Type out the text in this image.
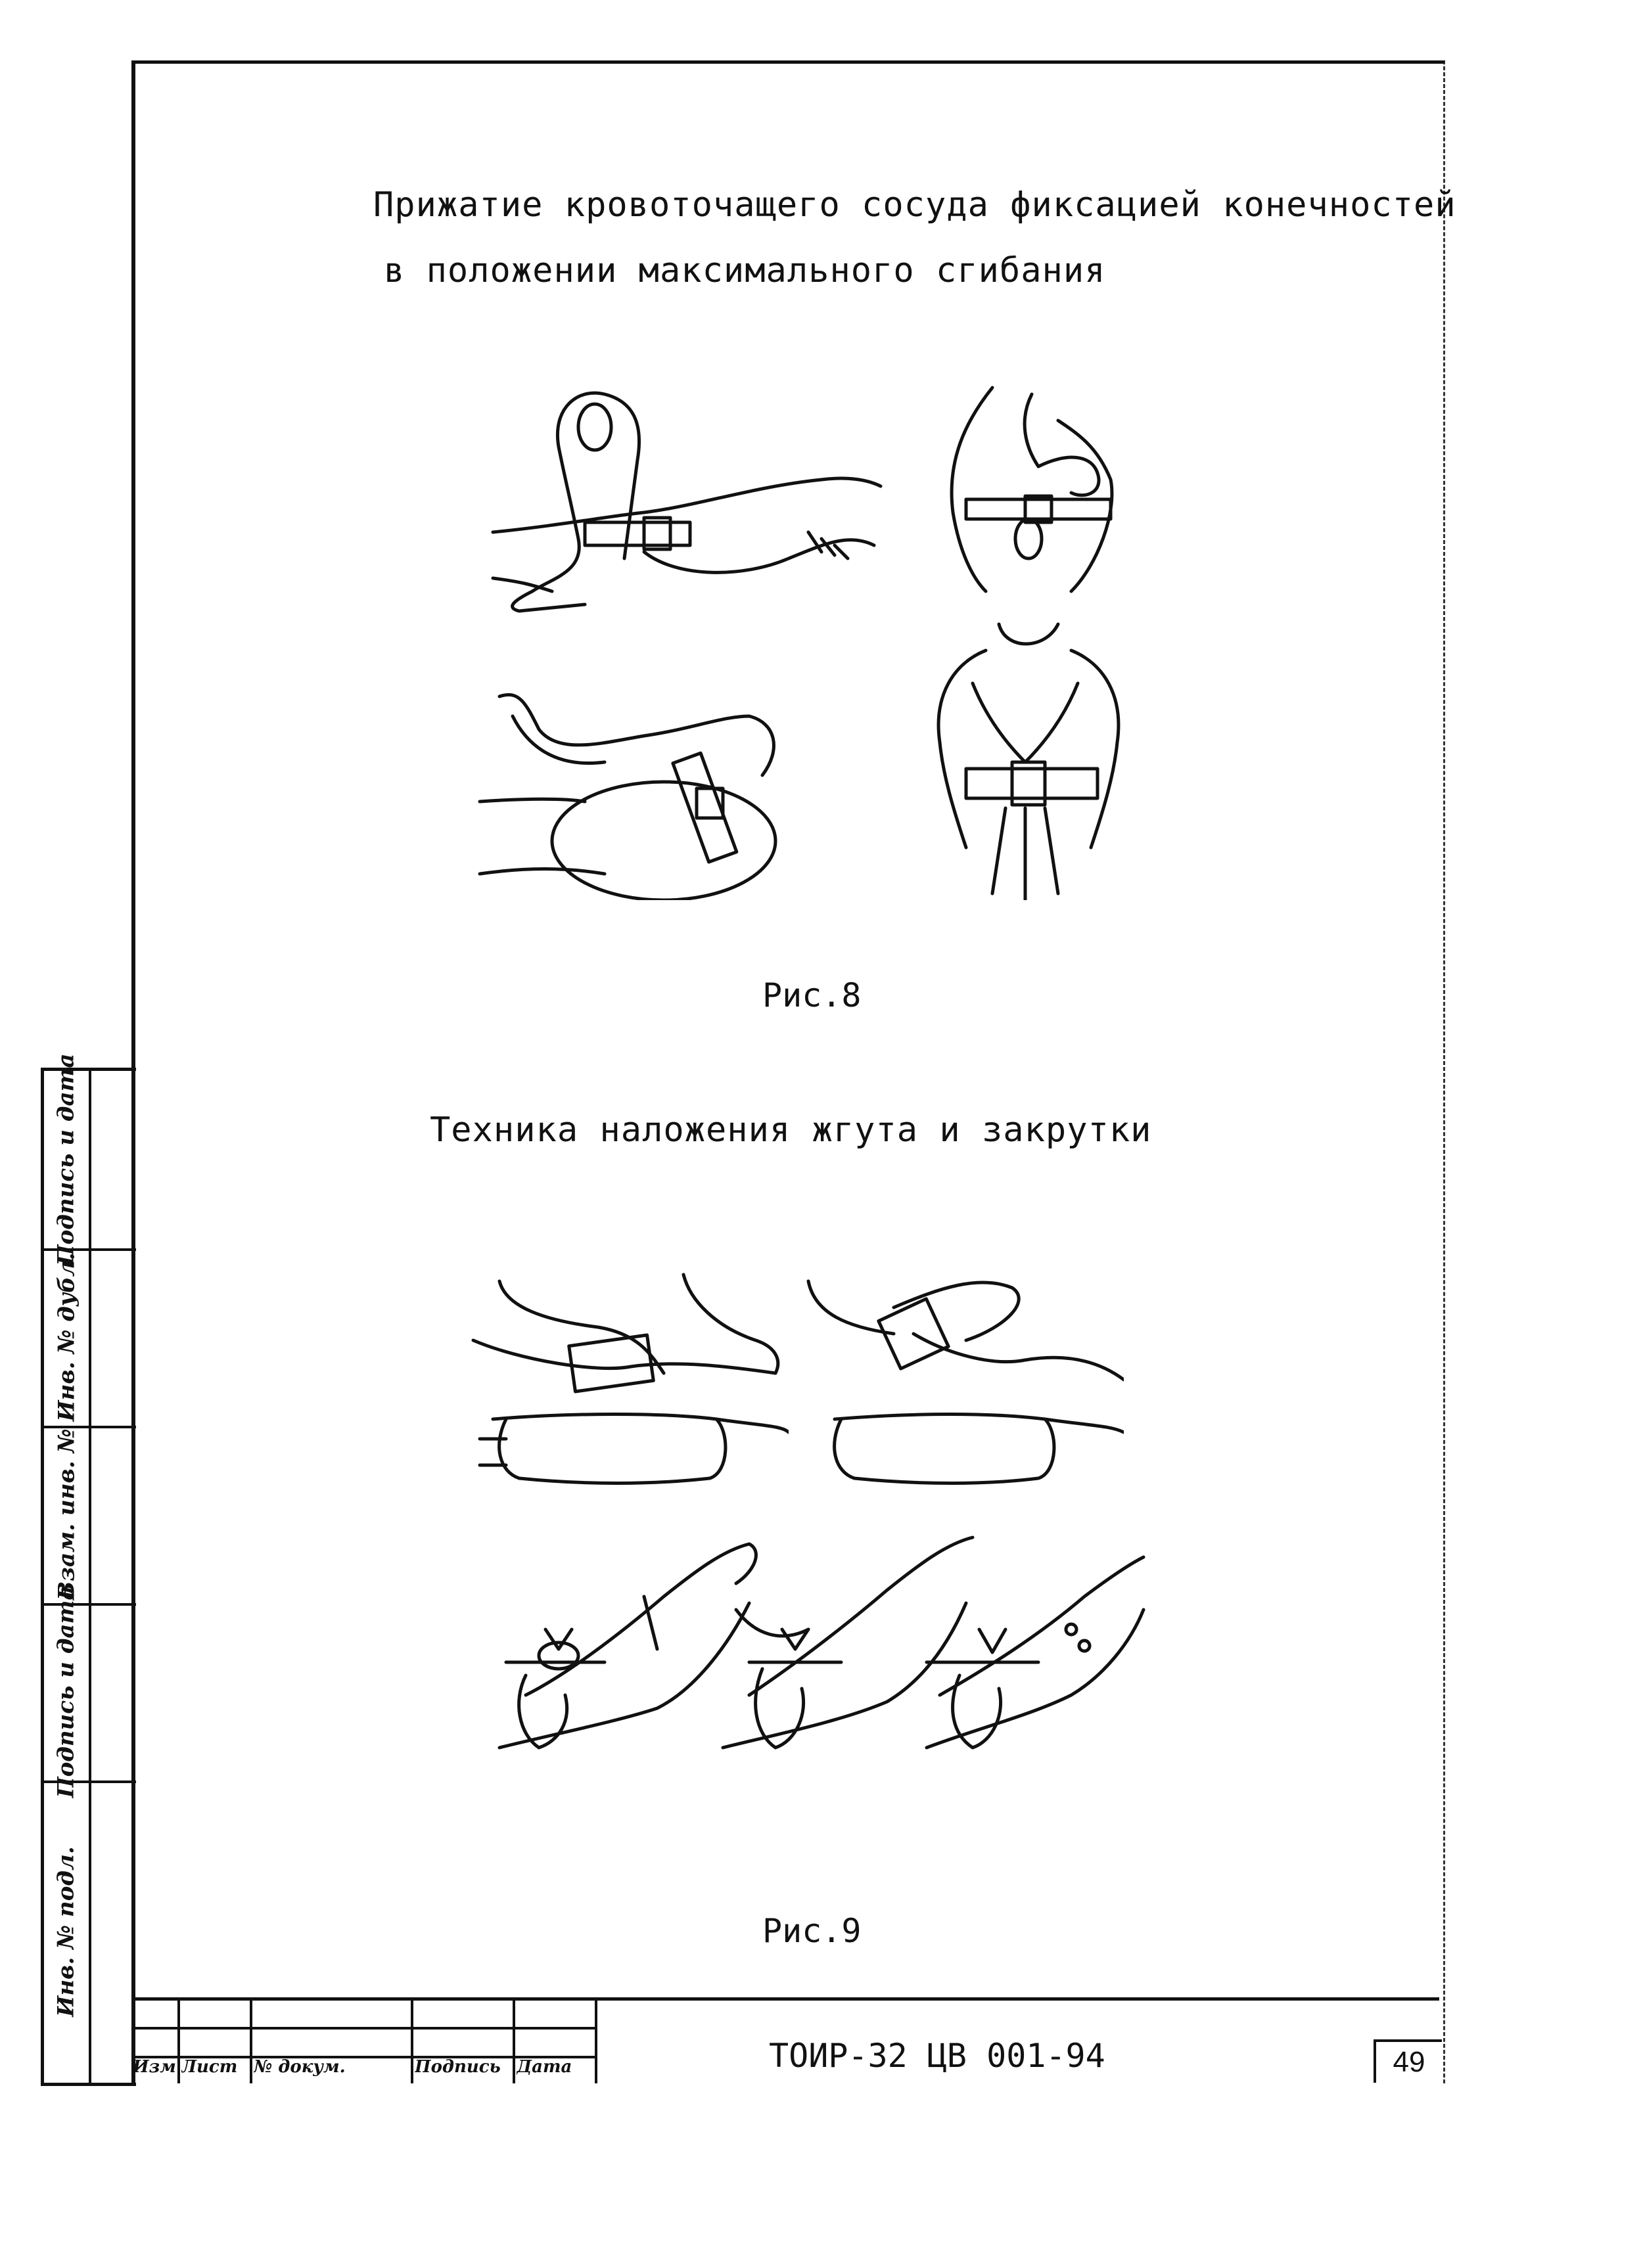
Прижатие кровоточащего сосуда фиксацией конечностей
в положении максимального сгибания
Рис.8
Техника наложения жгута и закрутки
Рис.9
Инв. № подл.
Подпись и дата
Взам. инв. №
Инв. № дубл.
Подпись и дата
Изм Лист № докум.	Подпись Дата	ТОИР-32 ЦВ 001-94	49
